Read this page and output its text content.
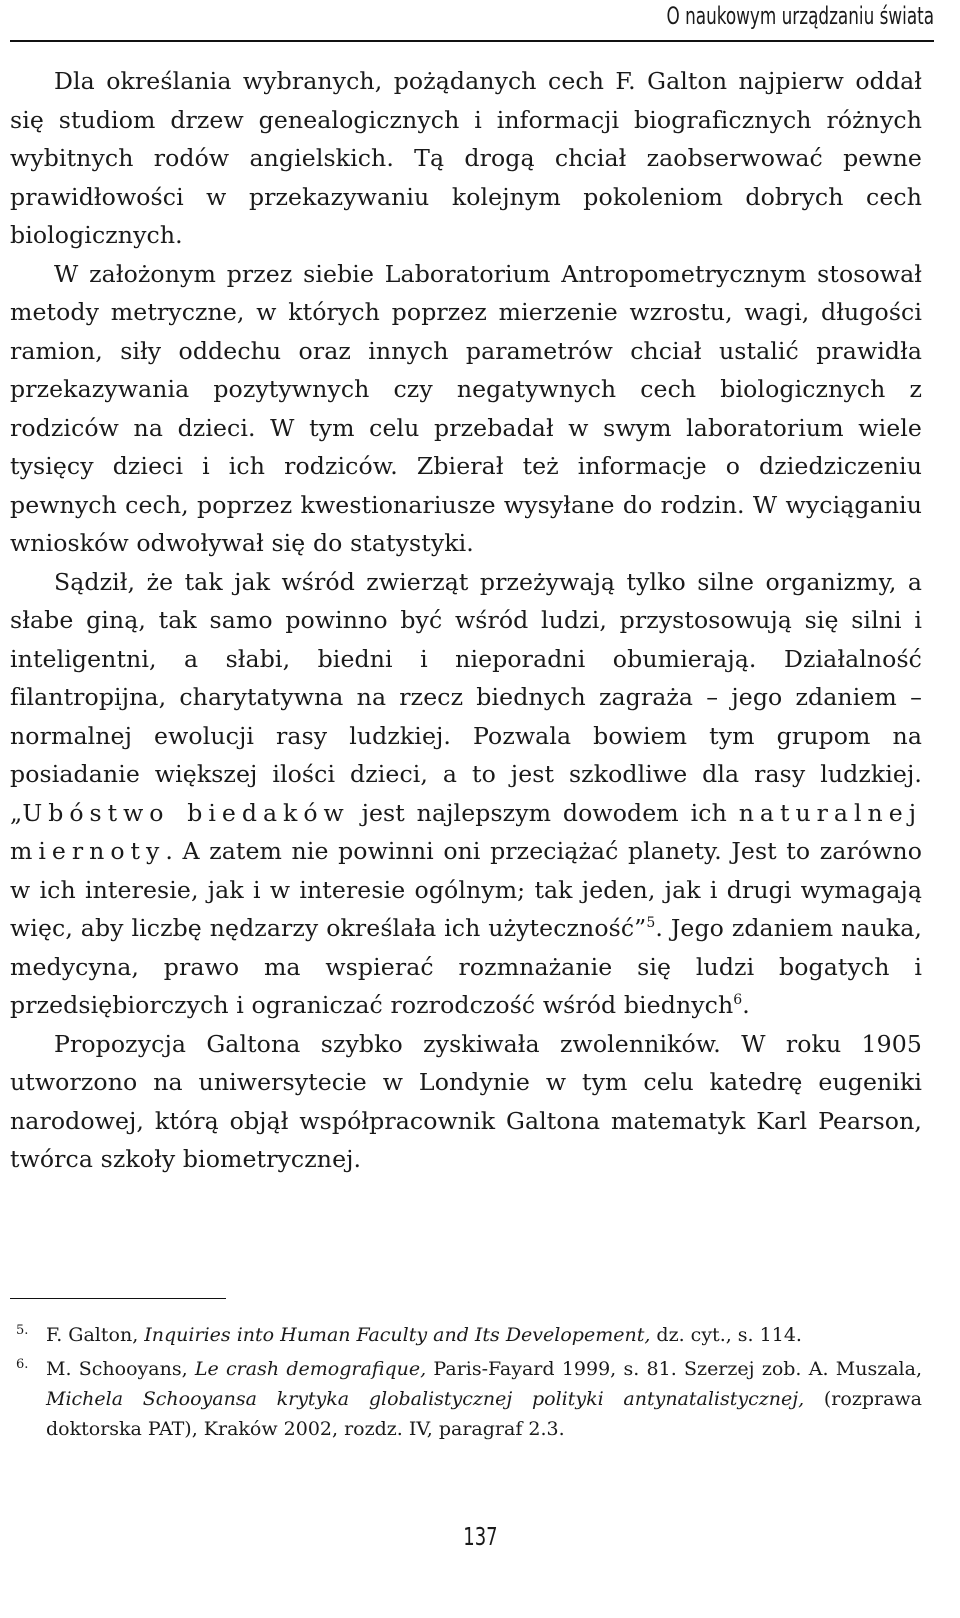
O naukowym urządzaniu świata

Dla określania wybranych, pożądanych cech F. Galton najpierw oddał się studiom drzew genealogicznych i informacji biograficznych różnych wybitnych rodów angielskich. Tą drogą chciał zaobserwować pewne prawidłowości w przekazywaniu kolejnym pokoleniom dobrych cech biologicznych.

W założonym przez siebie Laboratorium Antropometrycznym stosował metody metryczne, w których poprzez mierzenie wzrostu, wagi, długości ramion, siły oddechu oraz innych parametrów chciał ustalić prawidła przekazywania pozytywnych czy negatywnych cech biologicznych z rodziców na dzieci. W tym celu przebadał w swym laboratorium wiele tysięcy dzieci i ich rodziców. Zbierał też informacje o dziedziczeniu pewnych cech, poprzez kwestionariusze wysyłane do rodzin. W wyciąganiu wniosków odwoływał się do statystyki.

Sądził, że tak jak wśród zwierząt przeżywają tylko silne organizmy, a słabe giną, tak samo powinno być wśród ludzi, przystosowują się silni i inteligentni, a słabi, biedni i nieporadni obumierają. Działalność filantropijna, charytatywna na rzecz biednych zagraża – jego zdaniem – normalnej ewolucji rasy ludzkiej. Pozwala bowiem tym grupom na posiadanie większej ilości dzieci, a to jest szkodliwe dla rasy ludzkiej. „Ubóstwo biedaków jest najlepszym dowodem ich naturalnej miernoty. A zatem nie powinni oni przeciążać planety. Jest to zarówno w ich interesie, jak i w interesie ogólnym; tak jeden, jak i drugi wymagają więc, aby liczbę nędzarzy określała ich użyteczność”$^5$. Jego zdaniem nauka, medycyna, prawo ma wspierać rozmnażanie się ludzi bogatych i przedsiębiorczych i ograniczać rozrodczość wśród biednych$^6$.

Propozycja Galtona szybko zyskiwała zwolenników. W roku 1905 utworzono na uniwersytecie w Londynie w tym celu katedrę eugeniki narodowej, którą objął współpracownik Galtona matematyk Karl Pearson, twórca szkoły biometrycznej.

5. F. Galton, Inquiries into Human Faculty and Its Developement, dz. cyt., s. 114.
6. M. Schooyans, Le crash demografique, Paris-Fayard 1999, s. 81. Szerzej zob. A. Muszala, Michela Schooyansa krytyka globalistycznej polityki antynatalistycznej, (rozprawa doktorska PAT), Kraków 2002, rozdz. IV, paragraf 2.3.
137
